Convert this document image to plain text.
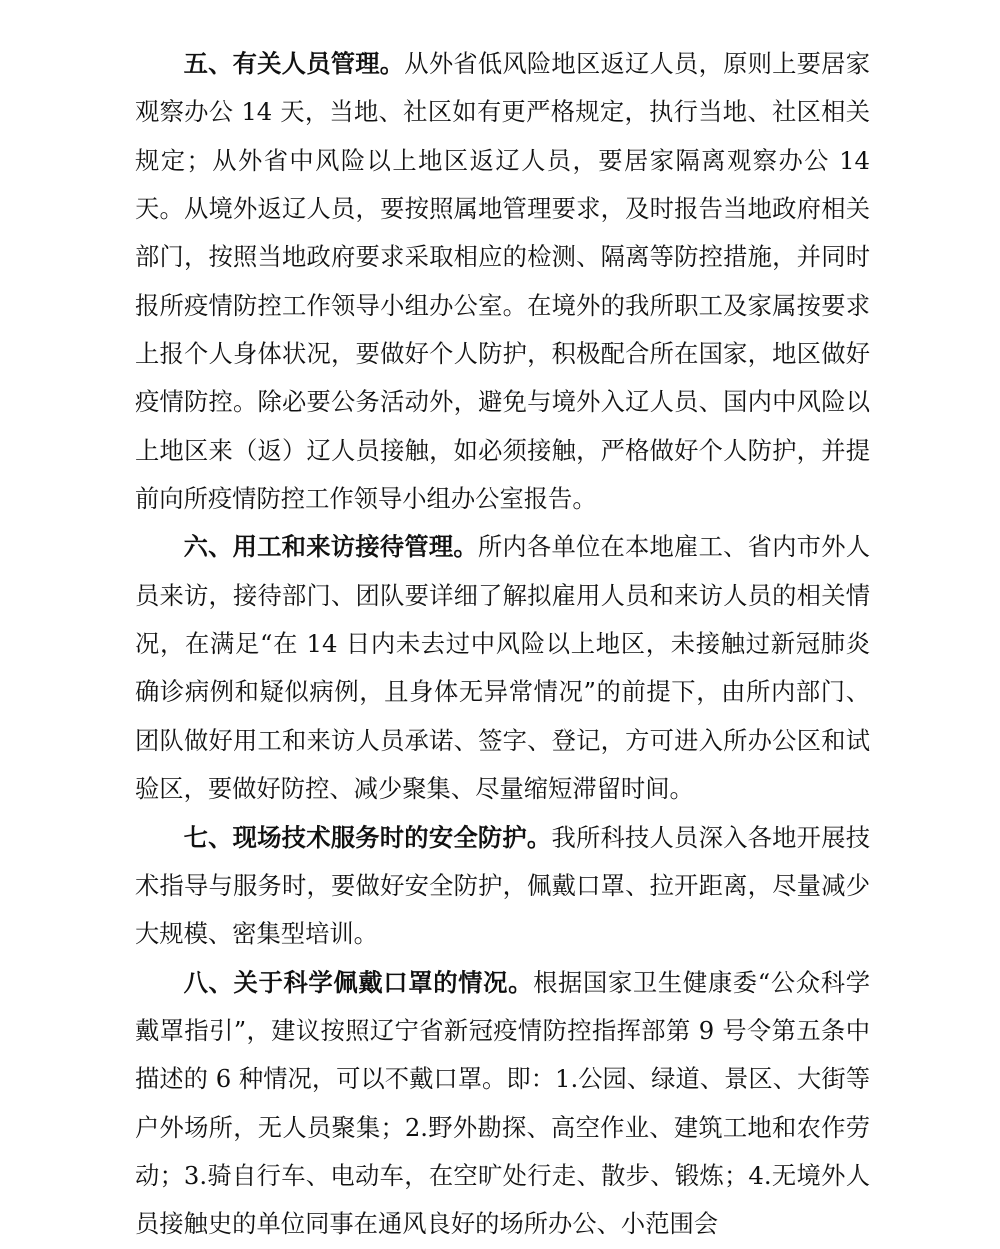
五、有关人员管理。从外省低风险地区返辽人员，原则上要居家观察办公 14 天，当地、社区如有更严格规定，执行当地、社区相关规定；从外省中风险以上地区返辽人员，要居家隔离观察办公 14 天。从境外返辽人员，要按照属地管理要求，及时报告当地政府相关部门，按照当地政府要求采取相应的检测、隔离等防控措施，并同时报所疫情防控工作领导小组办公室。在境外的我所职工及家属按要求上报个人身体状况，要做好个人防护，积极配合所在国家，地区做好疫情防控。除必要公务活动外，避免与境外入辽人员、国内中风险以上地区来（返）辽人员接触，如必须接触，严格做好个人防护，并提前向所疫情防控工作领导小组办公室报告。

六、用工和来访接待管理。所内各单位在本地雇工、省内市外人员来访，接待部门、团队要详细了解拟雇用人员和来访人员的相关情况，在满足“在 14 日内未去过中风险以上地区，未接触过新冠肺炎确诊病例和疑似病例，且身体无异常情况”的前提下，由所内部门、团队做好用工和来访人员承诺、签字、登记，方可进入所办公区和试验区，要做好防控、减少聚集、尽量缩短滞留时间。

七、现场技术服务时的安全防护。我所科技人员深入各地开展技术指导与服务时，要做好安全防护，佩戴口罩、拉开距离，尽量减少大规模、密集型培训。

八、关于科学佩戴口罩的情况。根据国家卫生健康委“公众科学戴罩指引”，建议按照辽宁省新冠疫情防控指挥部第 9 号令第五条中描述的 6 种情况，可以不戴口罩。即：1.公园、绿道、景区、大街等户外场所，无人员聚集；2.野外勘探、高空作业、建筑工地和农作劳动；3.骑自行车、电动车，在空旷处行走、散步、锻炼；4.无境外人员接触史的单位同事在通风良好的场所办公、小范围会
